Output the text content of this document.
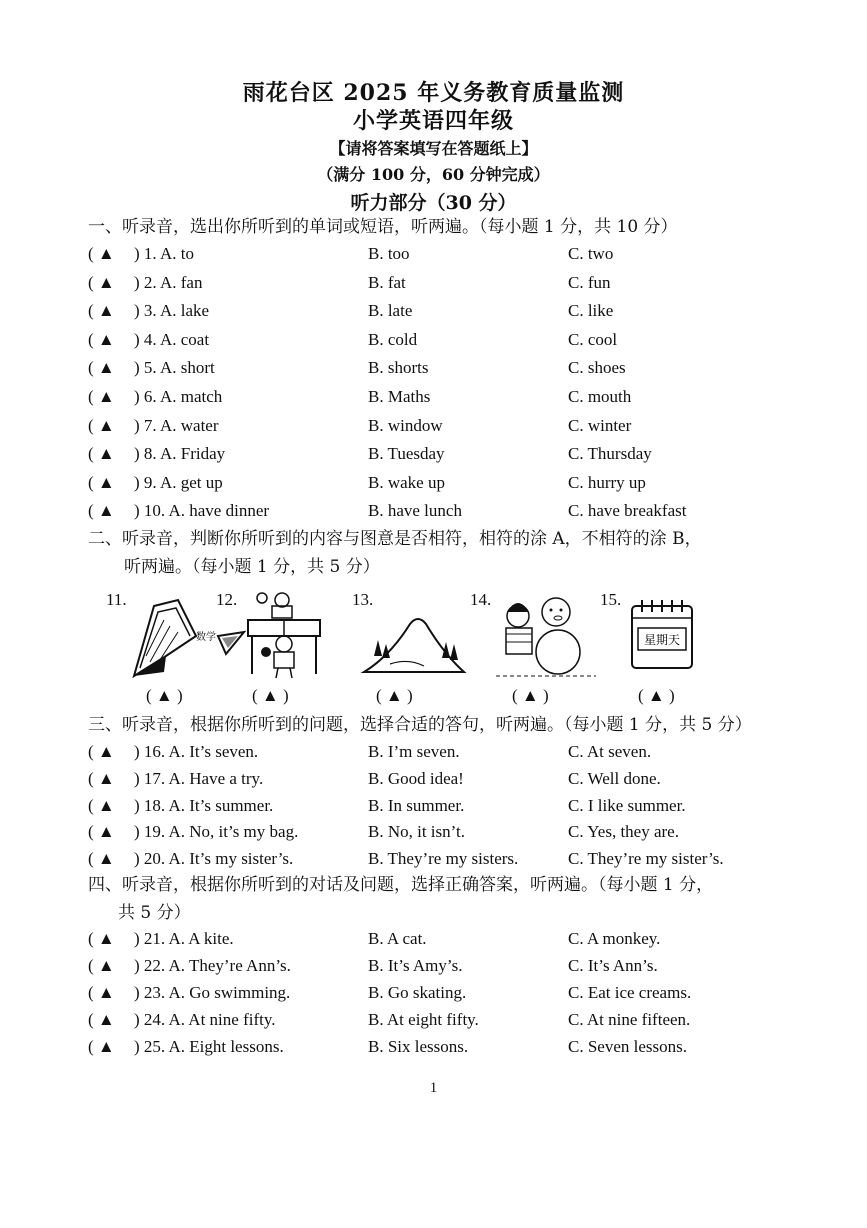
雨花台区 2025 年义务教育质量监测
小学英语四年级
【请将答案填写在答题纸上】
（满分 100 分，60 分钟完成）
听力部分（30 分）
一、听录音，选出你所听到的单词或短语，听两遍。（每小题 1 分，共 10 分）
( ▲ ) 1. A. to	B. too	C. two
( ▲ ) 2. A. fan	B. fat	C. fun
( ▲ ) 3. A. lake	B. late	C. like
( ▲ ) 4. A. coat	B. cold	C. cool
( ▲ ) 5. A. short	B. shorts	C. shoes
( ▲ ) 6. A. match	B. Maths	C. mouth
( ▲ ) 7. A. water	B. window	C. winter
( ▲ ) 8. A. Friday	B. Tuesday	C. Thursday
( ▲ ) 9. A. get up	B. wake up	C. hurry up
( ▲ ) 10. A. have dinner	B. have lunch	C. have breakfast
二、听录音，判断你所听到的内容与图意是否相符，相符的涂 A，不相符的涂 B，
听两遍。（每小题 1 分，共 5 分）
11.
数学
12.	13.	14.	15.
星期天
( ▲ )	( ▲ )	( ▲ )	( ▲ )	( ▲ )
三、听录音，根据你所听到的问题，选择合适的答句，听两遍。（每小题 1 分，共 5 分）
( ▲ ) 16. A. It’s seven.	B. I’m seven.	C. At seven.
( ▲ ) 17. A. Have a try.	B. Good idea!	C. Well done.
( ▲ ) 18. A. It’s summer.	B. In summer.	C. I like summer.
( ▲ ) 19. A. No, it’s my bag.	B. No, it isn’t.	C. Yes, they are.
( ▲ ) 20. A. It’s my sister’s.	B. They’re my sisters.	C. They’re my sister’s.
四、听录音，根据你所听到的对话及问题，选择正确答案，听两遍。（每小题 1 分，
共 5 分）
( ▲ ) 21. A. A kite.	B. A cat.	C. A monkey.
( ▲ ) 22. A. They’re Ann’s.	B. It’s Amy’s.	C. It’s Ann’s.
( ▲ ) 23. A. Go swimming.	B. Go skating.	C. Eat ice creams.
( ▲ ) 24. A. At nine fifty.	B. At eight fifty.	C. At nine fifteen.
( ▲ ) 25. A. Eight lessons.	B. Six lessons.	C. Seven lessons.
1
